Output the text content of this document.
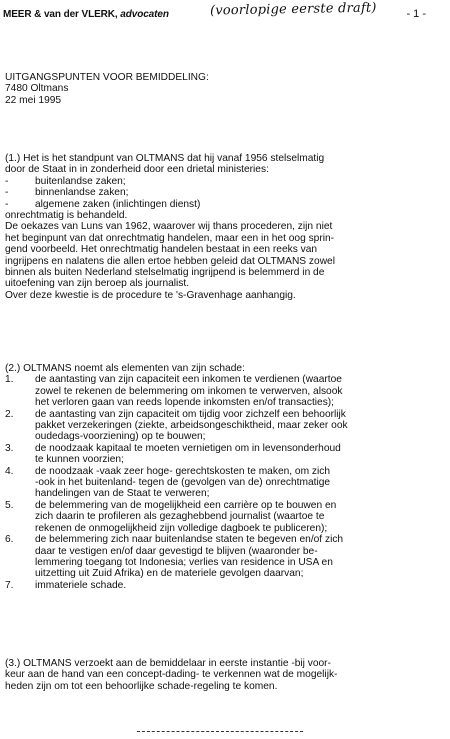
MEER & van der VLERK, advocaten	(voorlopige eerste draft)	- 1 -
UITGANGSPUNTEN VOOR BEMIDDELING:
7480 Oltmans
22 mei 1995
(1.) Het is het standpunt van OLTMANS dat hij vanaf 1956 stelselmatig
door de Staat in in zonderheid door een drietal ministeries:
-	buitenlandse zaken;
-	binnenlandse zaken;
-	algemene zaken (inlichtingen dienst)
onrechtmatig is behandeld.
De oekazes van Luns van 1962, waarover wij thans procederen, zijn niet
het beginpunt van dat onrechtmatig handelen, maar een in het oog sprin-
gend voorbeeld. Het onrechtmatig handelen bestaat in een reeks van
ingrijpens en nalatens die allen ertoe hebben geleid dat OLTMANS zowel
binnen als buiten Nederland stelselmatig ingrijpend is belemmerd in de
uitoefening van zijn beroep als journalist.
Over deze kwestie is de procedure te 's-Gravenhage aanhangig.
(2.) OLTMANS noemt als elementen van zijn schade:
1. de aantasting van zijn capaciteit een inkomen te verdienen (waartoe
zowel te rekenen de belemmering om inkomen te verwerven, alsook
het verloren gaan van reeds lopende inkomsten en/of transacties);
2. de aantasting van zijn capaciteit om tijdig voor zichzelf een behoorlijk
pakket verzekeringen (ziekte, arbeidsongeschiktheid, maar zeker ook
oudedags-voorziening) op te bouwen;
3. de noodzaak kapitaal te moeten vernietigen om in levensonderhoud
te kunnen voorzien;
4. de noodzaak -vaak zeer hoge- gerechtskosten te maken, om zich
-ook in het buitenland- tegen de (gevolgen van de) onrechtmatige
handelingen van de Staat te verweren;
5. de belemmering van de mogelijkheid een carrière op te bouwen en
zich daarin te profileren als gezaghebbend journalist (waartoe te
rekenen de onmogelijkheid zijn volledige dagboek te publiceren);
6. de belemmering zich naar buitenlandse staten te begeven en/of zich
daar te vestigen en/of daar gevestigd te blijven (waaronder be-
lemmering toegang tot Indonesia; verlies van residence in USA en
uitzetting uit Zuid Afrika) en de materiele gevolgen daarvan;
7. immateriele schade.
(3.) OLTMANS verzoekt aan de bemiddelaar in eerste instantie -bij voor-
keur aan de hand van een concept-dading- te verkennen wat de mogelijk-
heden zijn om tot een behoorlijke schade-regeling te komen.
